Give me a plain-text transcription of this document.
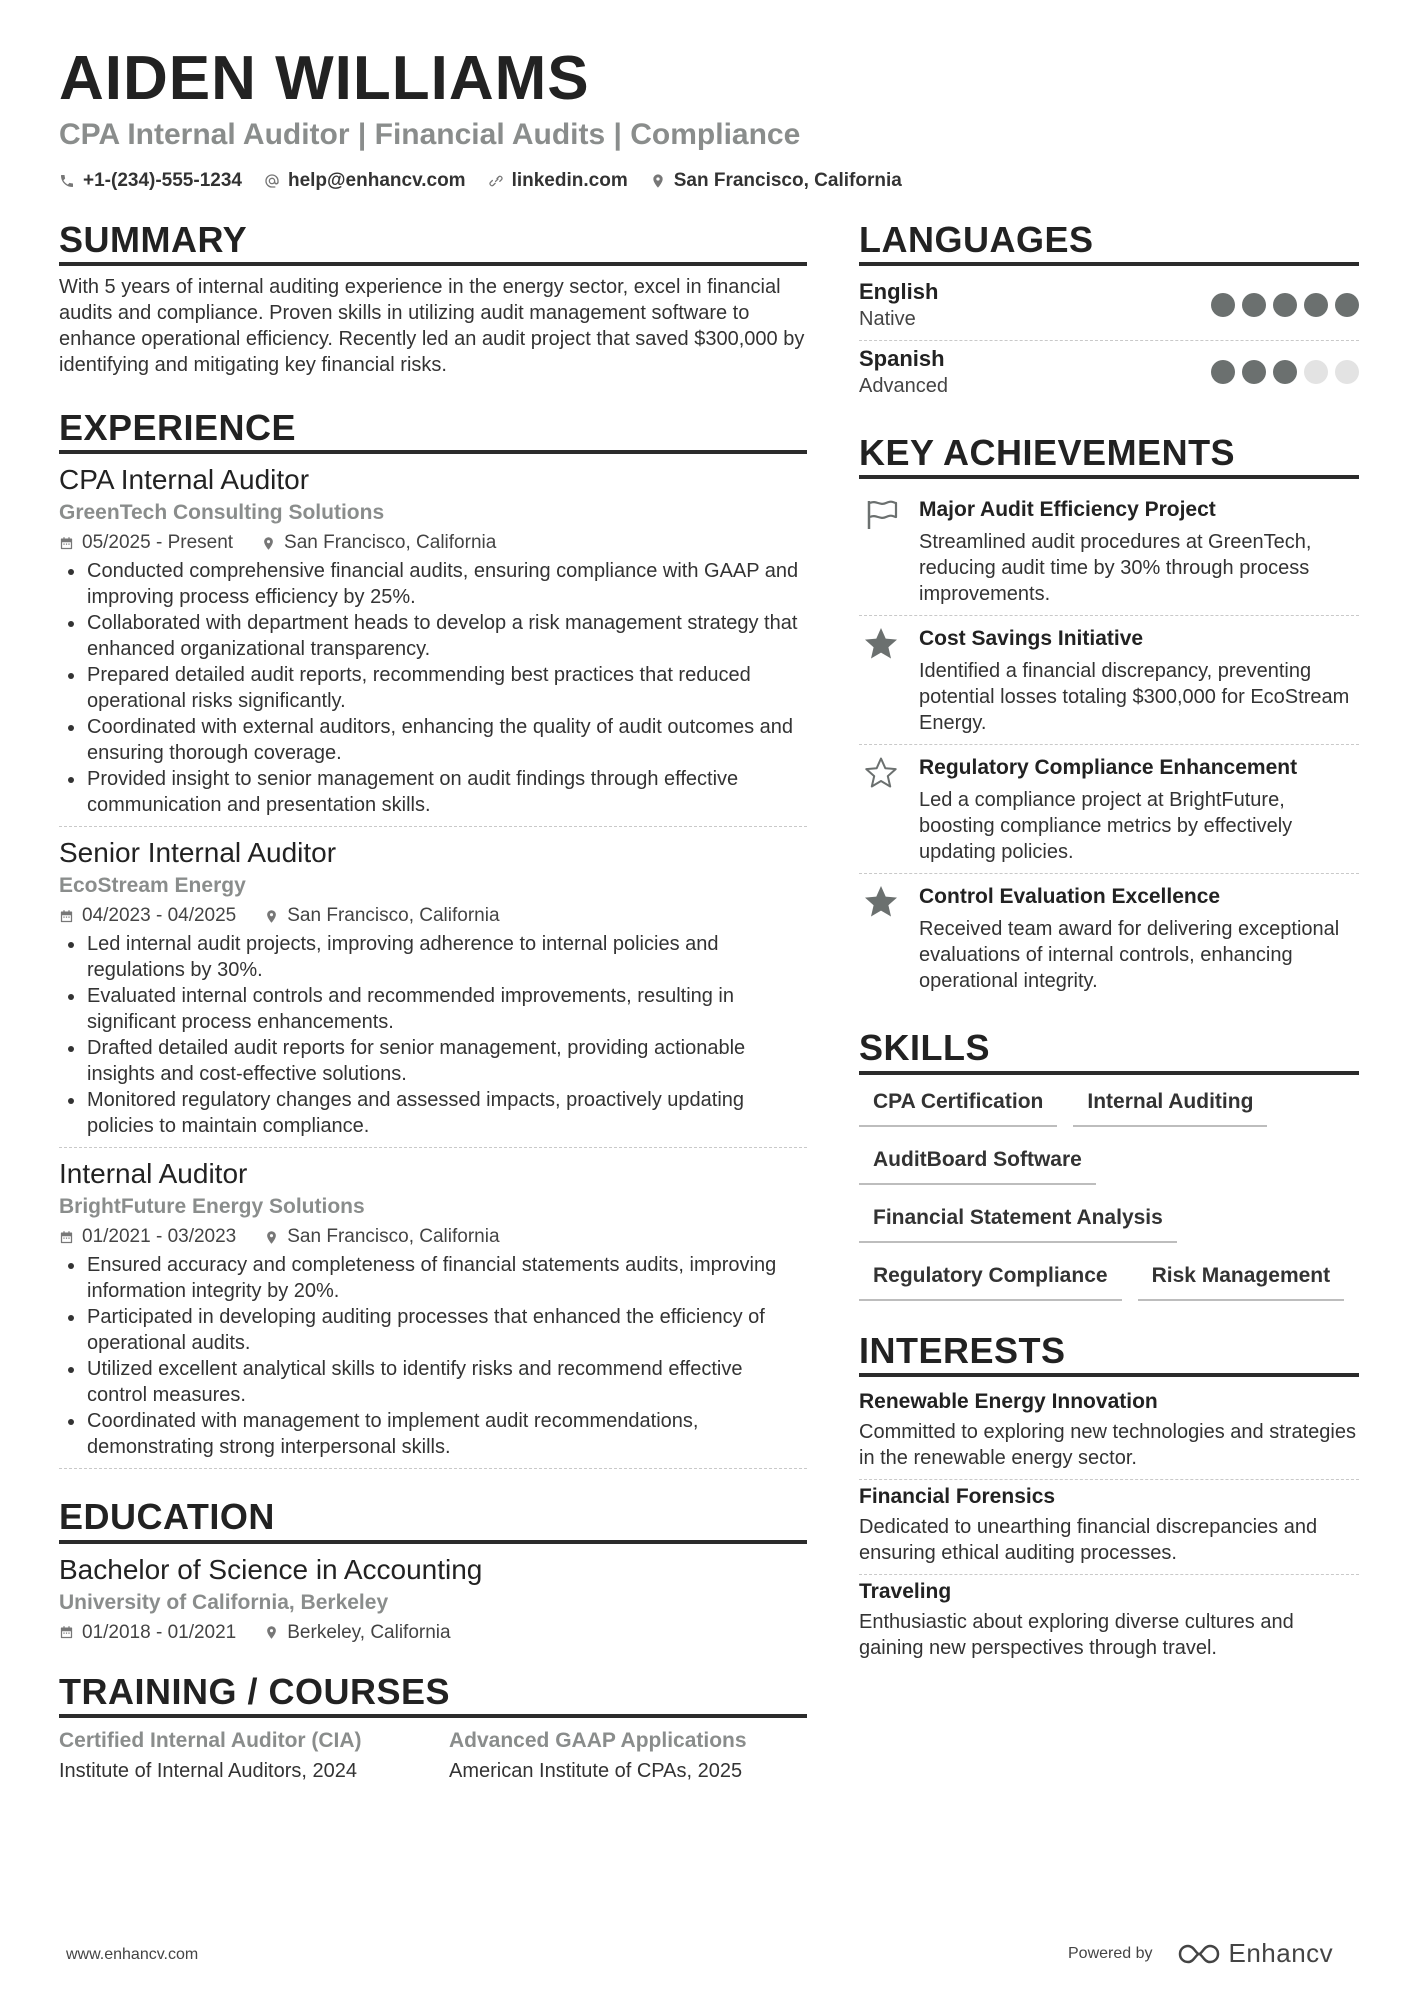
AIDEN WILLIAMS
CPA Internal Auditor | Financial Audits | Compliance
+1-(234)-555-1234 help@enhancv.com linkedin.com San Francisco, California
SUMMARY
With 5 years of internal auditing experience in the energy sector, excel in financial audits and compliance. Proven skills in utilizing audit management software to enhance operational efficiency. Recently led an audit project that saved $300,000 by identifying and mitigating key financial risks.
EXPERIENCE
CPA Internal Auditor
GreenTech Consulting Solutions
05/2025 - Present	San Francisco, California
Conducted comprehensive financial audits, ensuring compliance with GAAP and improving process efficiency by 25%.
Collaborated with department heads to develop a risk management strategy that enhanced organizational transparency.
Prepared detailed audit reports, recommending best practices that reduced operational risks significantly.
Coordinated with external auditors, enhancing the quality of audit outcomes and ensuring thorough coverage.
Provided insight to senior management on audit findings through effective communication and presentation skills.
Senior Internal Auditor
EcoStream Energy
04/2023 - 04/2025	San Francisco, California
Led internal audit projects, improving adherence to internal policies and regulations by 30%.
Evaluated internal controls and recommended improvements, resulting in significant process enhancements.
Drafted detailed audit reports for senior management, providing actionable insights and cost-effective solutions.
Monitored regulatory changes and assessed impacts, proactively updating policies to maintain compliance.
Internal Auditor
BrightFuture Energy Solutions
01/2021 - 03/2023	San Francisco, California
Ensured accuracy and completeness of financial statements audits, improving information integrity by 20%.
Participated in developing auditing processes that enhanced the efficiency of operational audits.
Utilized excellent analytical skills to identify risks and recommend effective control measures.
Coordinated with management to implement audit recommendations, demonstrating strong interpersonal skills.
EDUCATION
Bachelor of Science in Accounting
University of California, Berkeley
01/2018 - 01/2021	Berkeley, California
TRAINING / COURSES
Certified Internal Auditor (CIA)
Institute of Internal Auditors, 2024
Advanced GAAP Applications
American Institute of CPAs, 2025
LANGUAGES
English
Native
Spanish
Advanced
KEY ACHIEVEMENTS
Major Audit Efficiency Project
Streamlined audit procedures at GreenTech, reducing audit time by 30% through process improvements.
Cost Savings Initiative
Identified a financial discrepancy, preventing potential losses totaling $300,000 for EcoStream Energy.
Regulatory Compliance Enhancement
Led a compliance project at BrightFuture, boosting compliance metrics by effectively updating policies.
Control Evaluation Excellence
Received team award for delivering exceptional evaluations of internal controls, enhancing operational integrity.
SKILLS
CPA Certification	Internal Auditing
AuditBoard Software
Financial Statement Analysis
Regulatory Compliance	Risk Management
INTERESTS
Renewable Energy Innovation
Committed to exploring new technologies and strategies in the renewable energy sector.
Financial Forensics
Dedicated to unearthing financial discrepancies and ensuring ethical auditing processes.
Traveling
Enthusiastic about exploring diverse cultures and gaining new perspectives through travel.
www.enhancv.com	Powered by	Enhancv
